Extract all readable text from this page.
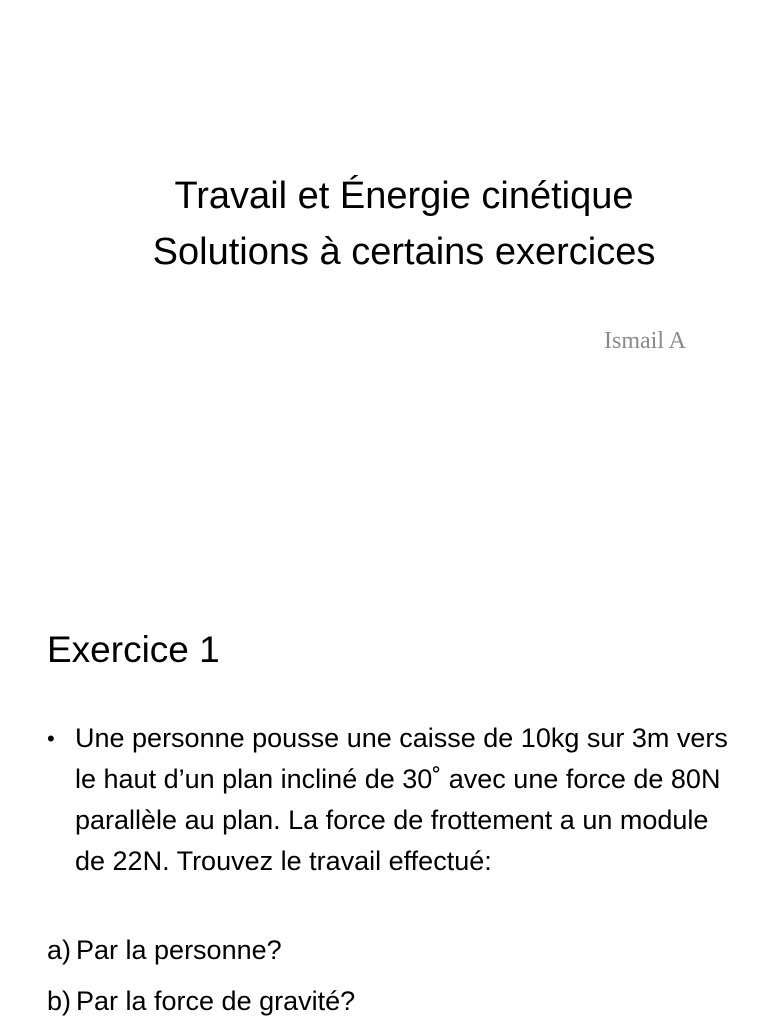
Travail et Énergie cinétique
Solutions à certains exercices
Ismail A
Exercice 1
• Une personne pousse une caisse de 10kg sur 3m vers le haut d’un plan incliné de 30˚ avec une force de 80N parallèle au plan. La force de frottement a un module de 22N. Trouvez le travail effectué:
a) Par la personne?
b) Par la force de gravité?
